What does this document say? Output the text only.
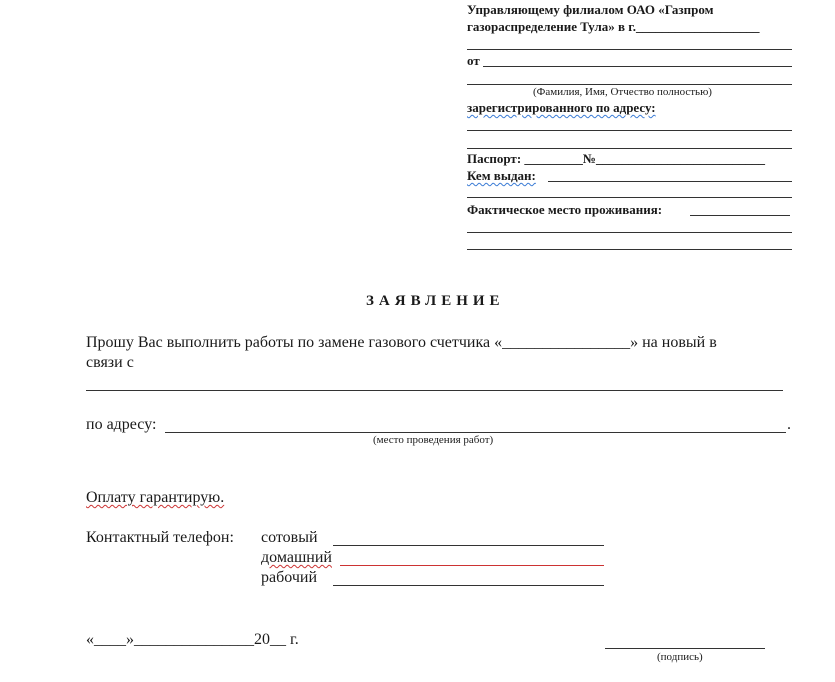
Управляющему филиалом ОАО «Газпром
газораспределение Тула» в г.___________________
от
(Фамилия, Имя, Отчество полностью)
зарегистрированного по адресу:
Паспорт: _________№__________________________
Кем выдан:
Фактическое место проживания:
ЗАЯВЛЕНИЕ
Прошу Вас выполнить работы по замене газового счетчика «________________» на новый в
связи с
по адресу:	.
(место проведения работ)
Оплату гарантирую.
Контактный телефон: сотовый
домашний
рабочий
«____»_______________20__ г.
(подпись)
